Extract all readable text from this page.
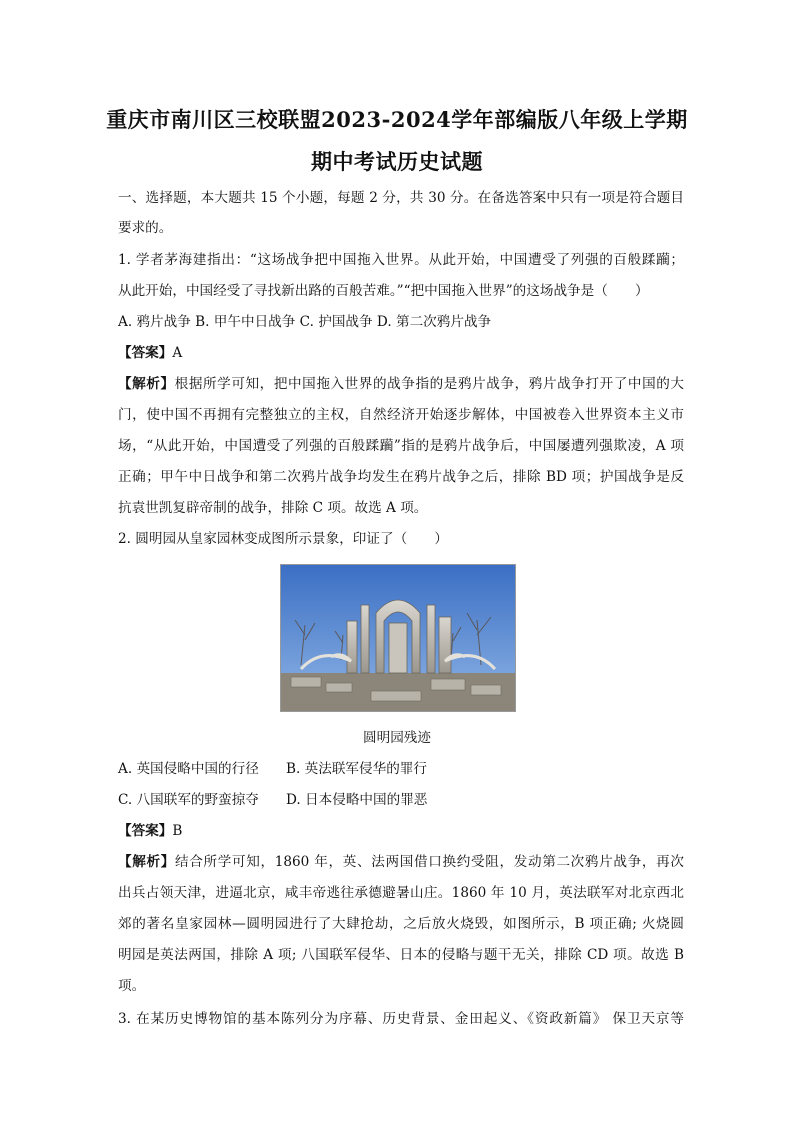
重庆市南川区三校联盟2023-2024学年部编版八年级上学期
期中考试历史试题
一、选择题，本大题共 15 个小题，每题 2 分，共 30 分。在备选答案中只有一项是符合题目
要求的。
1. 学者茅海建指出：“这场战争把中国拖入世界。从此开始，中国遭受了列强的百般蹂躏；
从此开始，中国经受了寻找新出路的百般苦难。”“把中国拖入世界”的这场战争是（　　）
A. 鸦片战争 B. 甲午中日战争 C. 护国战争 D. 第二次鸦片战争
【答案】A
【解析】根据所学可知，把中国拖入世界的战争指的是鸦片战争，鸦片战争打开了中国的大
门，使中国不再拥有完整独立的主权，自然经济开始逐步解体，中国被卷入世界资本主义市
场，“从此开始，中国遭受了列强的百般蹂躏”指的是鸦片战争后，中国屡遭列强欺凌，A 项
正确；甲午中日战争和第二次鸦片战争均发生在鸦片战争之后，排除 BD 项；护国战争是反
抗袁世凯复辟帝制的战争，排除 C 项。故选 A 项。
2. 圆明园从皇家园林变成图所示景象，印证了（　　）
圆明园残迹
A. 英国侵略中国的行径 B. 英法联军侵华的罪行
C. 八国联军的野蛮掠夺 D. 日本侵略中国的罪恶
【答案】B
【解析】结合所学可知，1860 年，英、法两国借口换约受阻，发动第二次鸦片战争，再次
出兵占领天津，进逼北京，咸丰帝逃往承德避暑山庄。1860 年 10 月，英法联军对北京西北
郊的著名皇家园林—圆明园进行了大肆抢劫，之后放火烧毁，如图所示，B 项正确; 火烧圆
明园是英法两国，排除 A 项; 八国联军侵华、日本的侵略与题干无关，排除 CD 项。故选 B
项。
3. 在某历史博物馆的基本陈列分为序幕、历史背景、金田起义、《资政新篇》 保卫天京等
